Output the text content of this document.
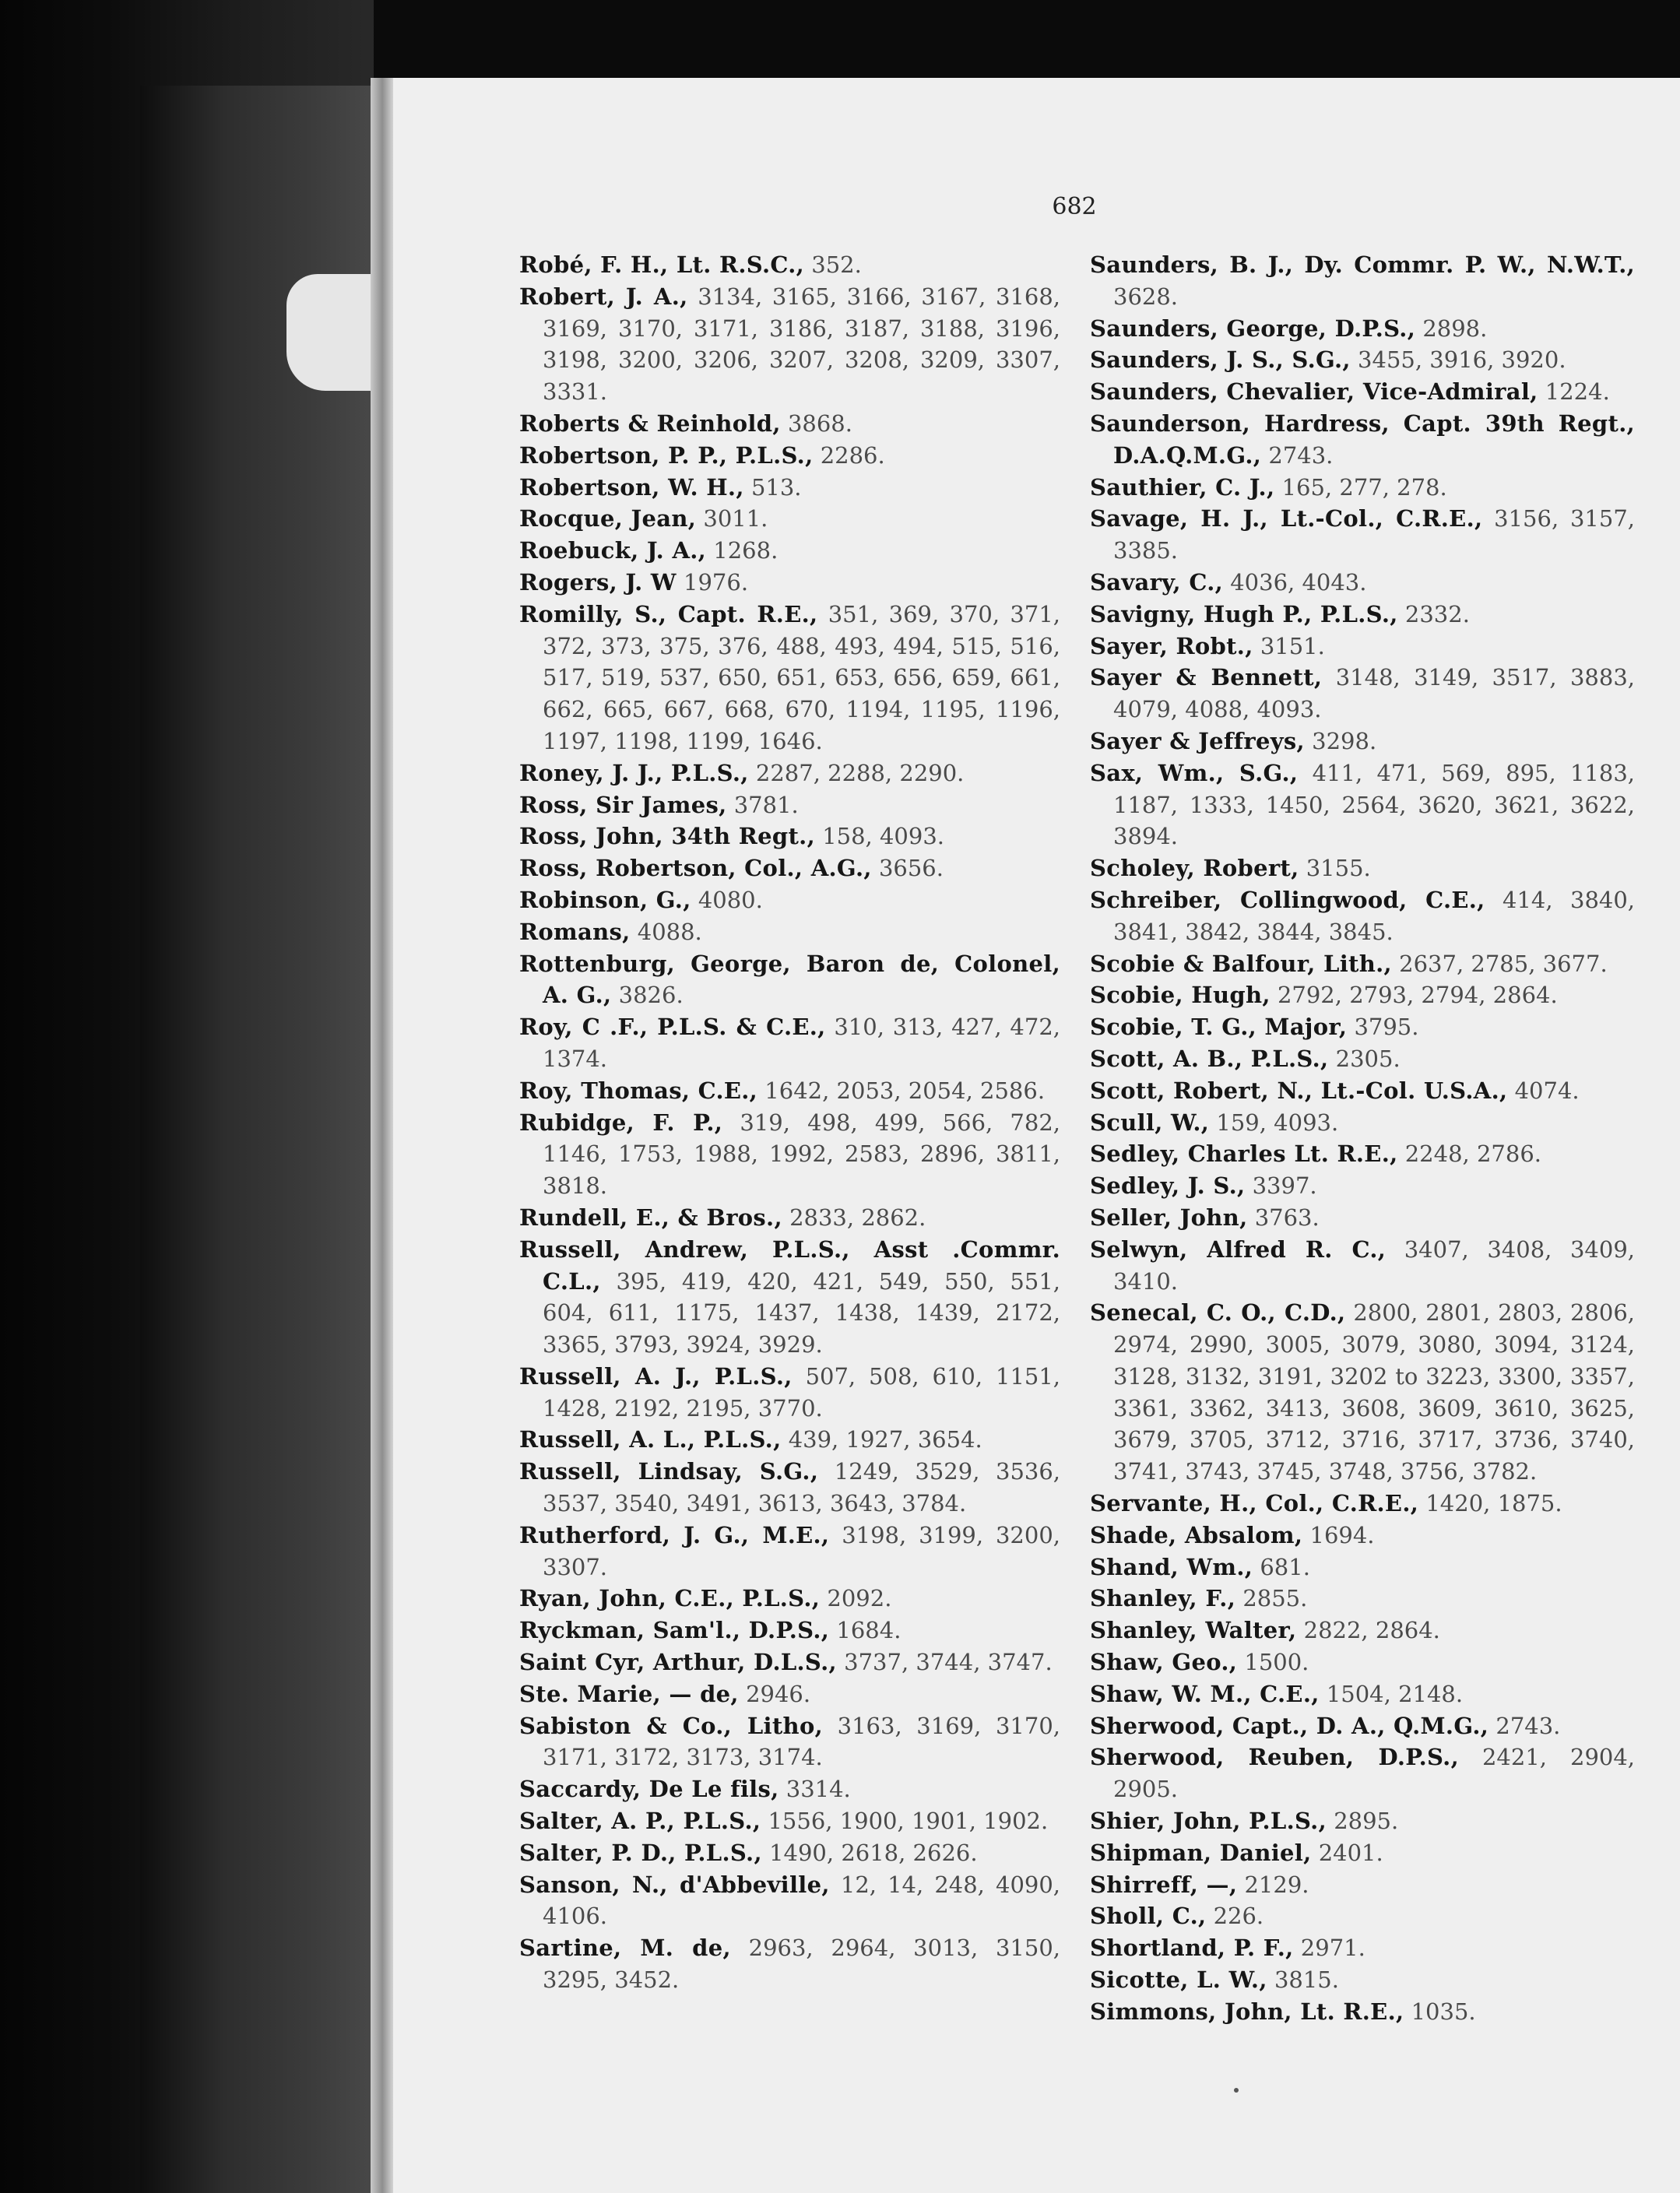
682

Robé, F. H., Lt. R.S.C., 352.

Robert, J. A., 3134, 3165, 3166, 3167, 3168, 3169, 3170, 3171, 3186, 3187, 3188, 3196, 3198, 3200, 3206, 3207, 3208, 3209, 3307, 3331.

Roberts & Reinhold, 3868.

Robertson, P. P., P.L.S., 2286.

Robertson, W. H., 513.

Rocque, Jean, 3011.

Roebuck, J. A., 1268.

Rogers, J. W 1976.

Romilly, S., Capt. R.E., 351, 369, 370, 371, 372, 373, 375, 376, 488, 493, 494, 515, 516, 517, 519, 537, 650, 651, 653, 656, 659, 661, 662, 665, 667, 668, 670, 1194, 1195, 1196, 1197, 1198, 1199, 1646.

Roney, J. J., P.L.S., 2287, 2288, 2290.

Ross, Sir James, 3781.

Ross, John, 34th Regt., 158, 4093.

Ross, Robertson, Col., A.G., 3656.

Robinson, G., 4080.

Romans, 4088.

Rottenburg, George, Baron de, Colonel, A. G., 3826.

Roy, C .F., P.L.S. & C.E., 310, 313, 427, 472, 1374.

Roy, Thomas, C.E., 1642, 2053, 2054, 2586.

Rubidge, F. P., 319, 498, 499, 566, 782, 1146, 1753, 1988, 1992, 2583, 2896, 3811, 3818.

Rundell, E., & Bros., 2833, 2862.

Russell, Andrew, P.L.S., Asst .Commr. C.L., 395, 419, 420, 421, 549, 550, 551, 604, 611, 1175, 1437, 1438, 1439, 2172, 3365, 3793, 3924, 3929.

Russell, A. J., P.L.S., 507, 508, 610, 1151, 1428, 2192, 2195, 3770.

Russell, A. L., P.L.S., 439, 1927, 3654.

Russell, Lindsay, S.G., 1249, 3529, 3536, 3537, 3540, 3491, 3613, 3643, 3784.

Rutherford, J. G., M.E., 3198, 3199, 3200, 3307.

Ryan, John, C.E., P.L.S., 2092.

Ryckman, Sam'l., D.P.S., 1684.

Saint Cyr, Arthur, D.L.S., 3737, 3744, 3747.

Ste. Marie, — de, 2946.

Sabiston & Co., Litho, 3163, 3169, 3170, 3171, 3172, 3173, 3174.

Saccardy, De Le fils, 3314.

Salter, A. P., P.L.S., 1556, 1900, 1901, 1902.

Salter, P. D., P.L.S., 1490, 2618, 2626.

Sanson, N., d'Abbeville, 12, 14, 248, 4090, 4106.

Sartine, M. de, 2963, 2964, 3013, 3150, 3295, 3452.

Saunders, B. J., Dy. Commr. P. W., N.W.T., 3628.

Saunders, George, D.P.S., 2898.

Saunders, J. S., S.G., 3455, 3916, 3920.

Saunders, Chevalier, Vice-Admiral, 1224.

Saunderson, Hardress, Capt. 39th Regt., D.A.Q.M.G., 2743.

Sauthier, C. J., 165, 277, 278.

Savage, H. J., Lt.-Col., C.R.E., 3156, 3157, 3385.

Savary, C., 4036, 4043.

Savigny, Hugh P., P.L.S., 2332.

Sayer, Robt., 3151.

Sayer & Bennett, 3148, 3149, 3517, 3883, 4079, 4088, 4093.

Sayer & Jeffreys, 3298.

Sax, Wm., S.G., 411, 471, 569, 895, 1183, 1187, 1333, 1450, 2564, 3620, 3621, 3622, 3894.

Scholey, Robert, 3155.

Schreiber, Collingwood, C.E., 414, 3840, 3841, 3842, 3844, 3845.

Scobie & Balfour, Lith., 2637, 2785, 3677.

Scobie, Hugh, 2792, 2793, 2794, 2864.

Scobie, T. G., Major, 3795.

Scott, A. B., P.L.S., 2305.

Scott, Robert, N., Lt.-Col. U.S.A., 4074.

Scull, W., 159, 4093.

Sedley, Charles Lt. R.E., 2248, 2786.

Sedley, J. S., 3397.

Seller, John, 3763.

Selwyn, Alfred R. C., 3407, 3408, 3409, 3410.

Senecal, C. O., C.D., 2800, 2801, 2803, 2806, 2974, 2990, 3005, 3079, 3080, 3094, 3124, 3128, 3132, 3191, 3202 to 3223, 3300, 3357, 3361, 3362, 3413, 3608, 3609, 3610, 3625, 3679, 3705, 3712, 3716, 3717, 3736, 3740, 3741, 3743, 3745, 3748, 3756, 3782.

Servante, H., Col., C.R.E., 1420, 1875.

Shade, Absalom, 1694.

Shand, Wm., 681.

Shanley, F., 2855.

Shanley, Walter, 2822, 2864.

Shaw, Geo., 1500.

Shaw, W. M., C.E., 1504, 2148.

Sherwood, Capt., D. A., Q.M.G., 2743.

Sherwood, Reuben, D.P.S., 2421, 2904, 2905.

Shier, John, P.L.S., 2895.

Shipman, Daniel, 2401.

Shirreff, —, 2129.

Sholl, C., 226.

Shortland, P. F., 2971.

Sicotte, L. W., 3815.

Simmons, John, Lt. R.E., 1035.
